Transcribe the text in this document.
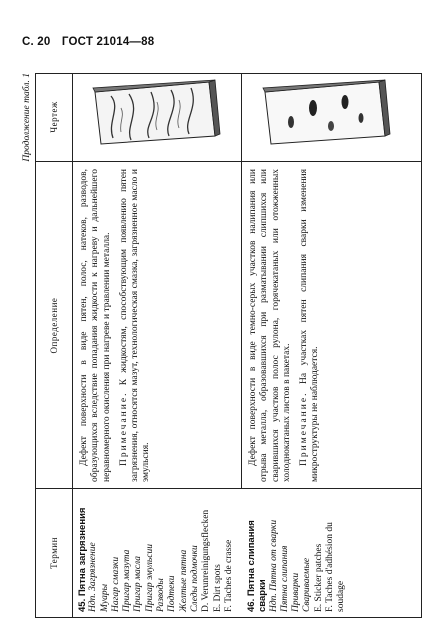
С. 20 ГОСТ 21014—88
Продолжение табл. 1
Термин
Определение
Чертеж
45. Пятна загрязнения Ндп. Загрязнение Муары Нагар смазки Пригар мазута Пригар масла Пригар эмульсии Разводы Подтеки Желтые пятна Следы подмочки D. Verunreinigungsflecken E. Dirt spots F. Taches de crasse

Дефект поверхности в виде пятен, полос, натеков, разводов, образующихся вследствие попадания жидкости к нагреву и дальнейшего неравномерного окисления при нагреве и травлении металла. Примечание. К жидкостям, способствующим появлению пятен загрязнения, относятся мазут, технологическая смазка, загрязненное масло и эмульсия.

46. Пятна слипания сварки Ндп. Пятна от сварки Пятна слипания Приварки Свариваемые E. Sticker patches F. Taches d'adhésion du soudage

Дефект поверхности в виде темно-серых участков налипания или отрыва металла, образовавшихся при разматывании слипшихся или сварившихся участков полос рулона, горячекатаных или отожженных холоднокатаных листов в пакетах. Примечание. На участках пятен слипания сварки изменения микроструктуры не наблюдается.
